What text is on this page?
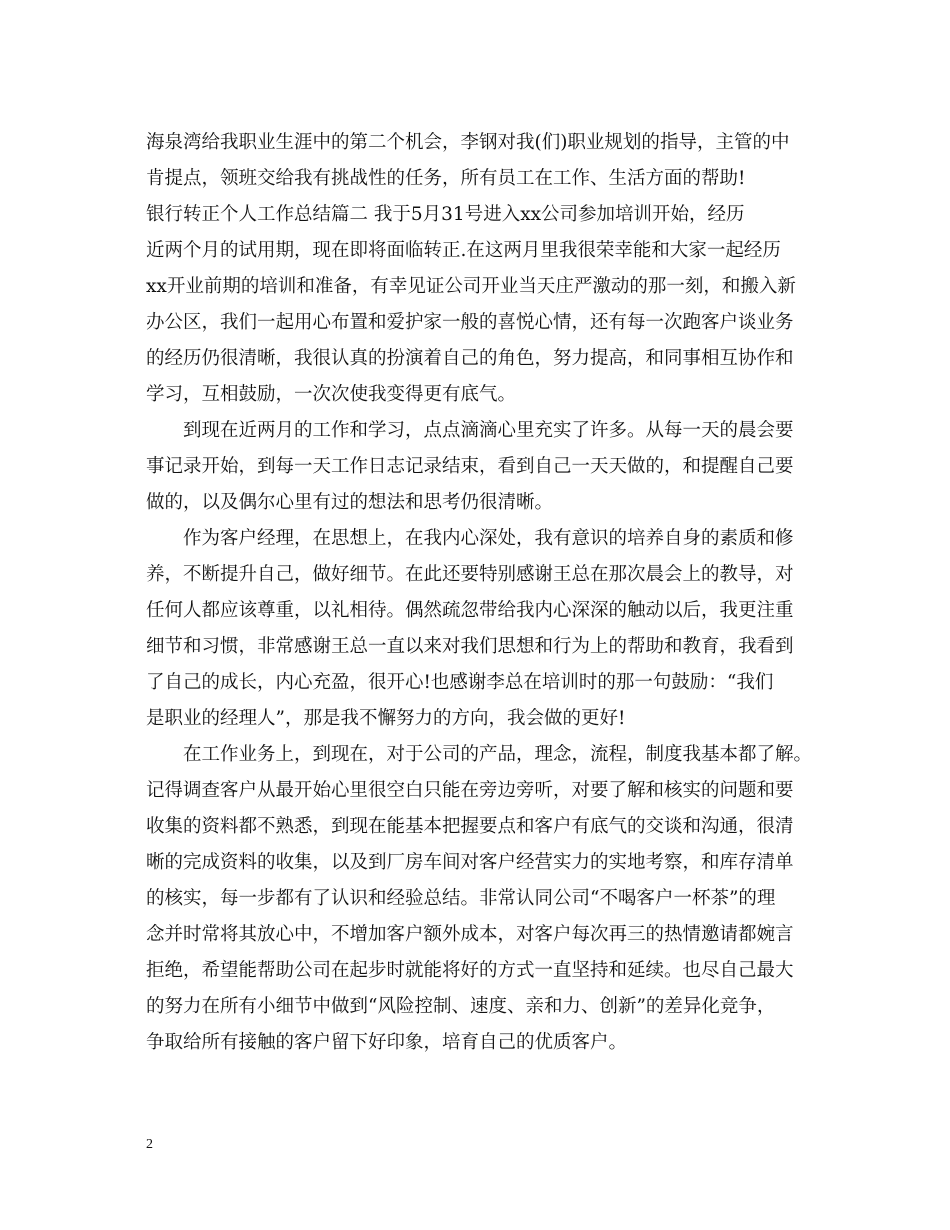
海泉湾给我职业生涯中的第二个机会，李钢对我(们)职业规划的指导，主管的中
肯提点，领班交给我有挑战性的任务，所有员工在工作、生活方面的帮助!
银行转正个人工作总结篇二 我于5月31号进入xx公司参加培训开始，经历
近两个月的试用期，现在即将面临转正.在这两月里我很荣幸能和大家一起经历
xx开业前期的培训和准备，有幸见证公司开业当天庄严激动的那一刻，和搬入新
办公区，我们一起用心布置和爱护家一般的喜悦心情，还有每一次跑客户谈业务
的经历仍很清晰，我很认真的扮演着自己的角色，努力提高，和同事相互协作和
学习，互相鼓励，一次次使我变得更有底气。
到现在近两月的工作和学习，点点滴滴心里充实了许多。从每一天的晨会要
事记录开始，到每一天工作日志记录结束，看到自己一天天做的，和提醒自己要
做的，以及偶尔心里有过的想法和思考仍很清晰。
作为客户经理，在思想上，在我内心深处，我有意识的培养自身的素质和修
养，不断提升自己，做好细节。在此还要特别感谢王总在那次晨会上的教导，对
任何人都应该尊重，以礼相待。偶然疏忽带给我内心深深的触动以后，我更注重
细节和习惯，非常感谢王总一直以来对我们思想和行为上的帮助和教育，我看到
了自己的成长，内心充盈，很开心!也感谢李总在培训时的那一句鼓励：“我们
是职业的经理人”，那是我不懈努力的方向，我会做的更好!
在工作业务上，到现在，对于公司的产品，理念，流程，制度我基本都了解。
记得调查客户从最开始心里很空白只能在旁边旁听，对要了解和核实的问题和要
收集的资料都不熟悉，到现在能基本把握要点和客户有底气的交谈和沟通，很清
晰的完成资料的收集，以及到厂房车间对客户经营实力的实地考察，和库存清单
的核实，每一步都有了认识和经验总结。非常认同公司“不喝客户一杯茶”的理
念并时常将其放心中，不增加客户额外成本，对客户每次再三的热情邀请都婉言
拒绝，希望能帮助公司在起步时就能将好的方式一直坚持和延续。也尽自己最大
的努力在所有小细节中做到“风险控制、速度、亲和力、创新”的差异化竞争，
争取给所有接触的客户留下好印象，培育自己的优质客户。
2
